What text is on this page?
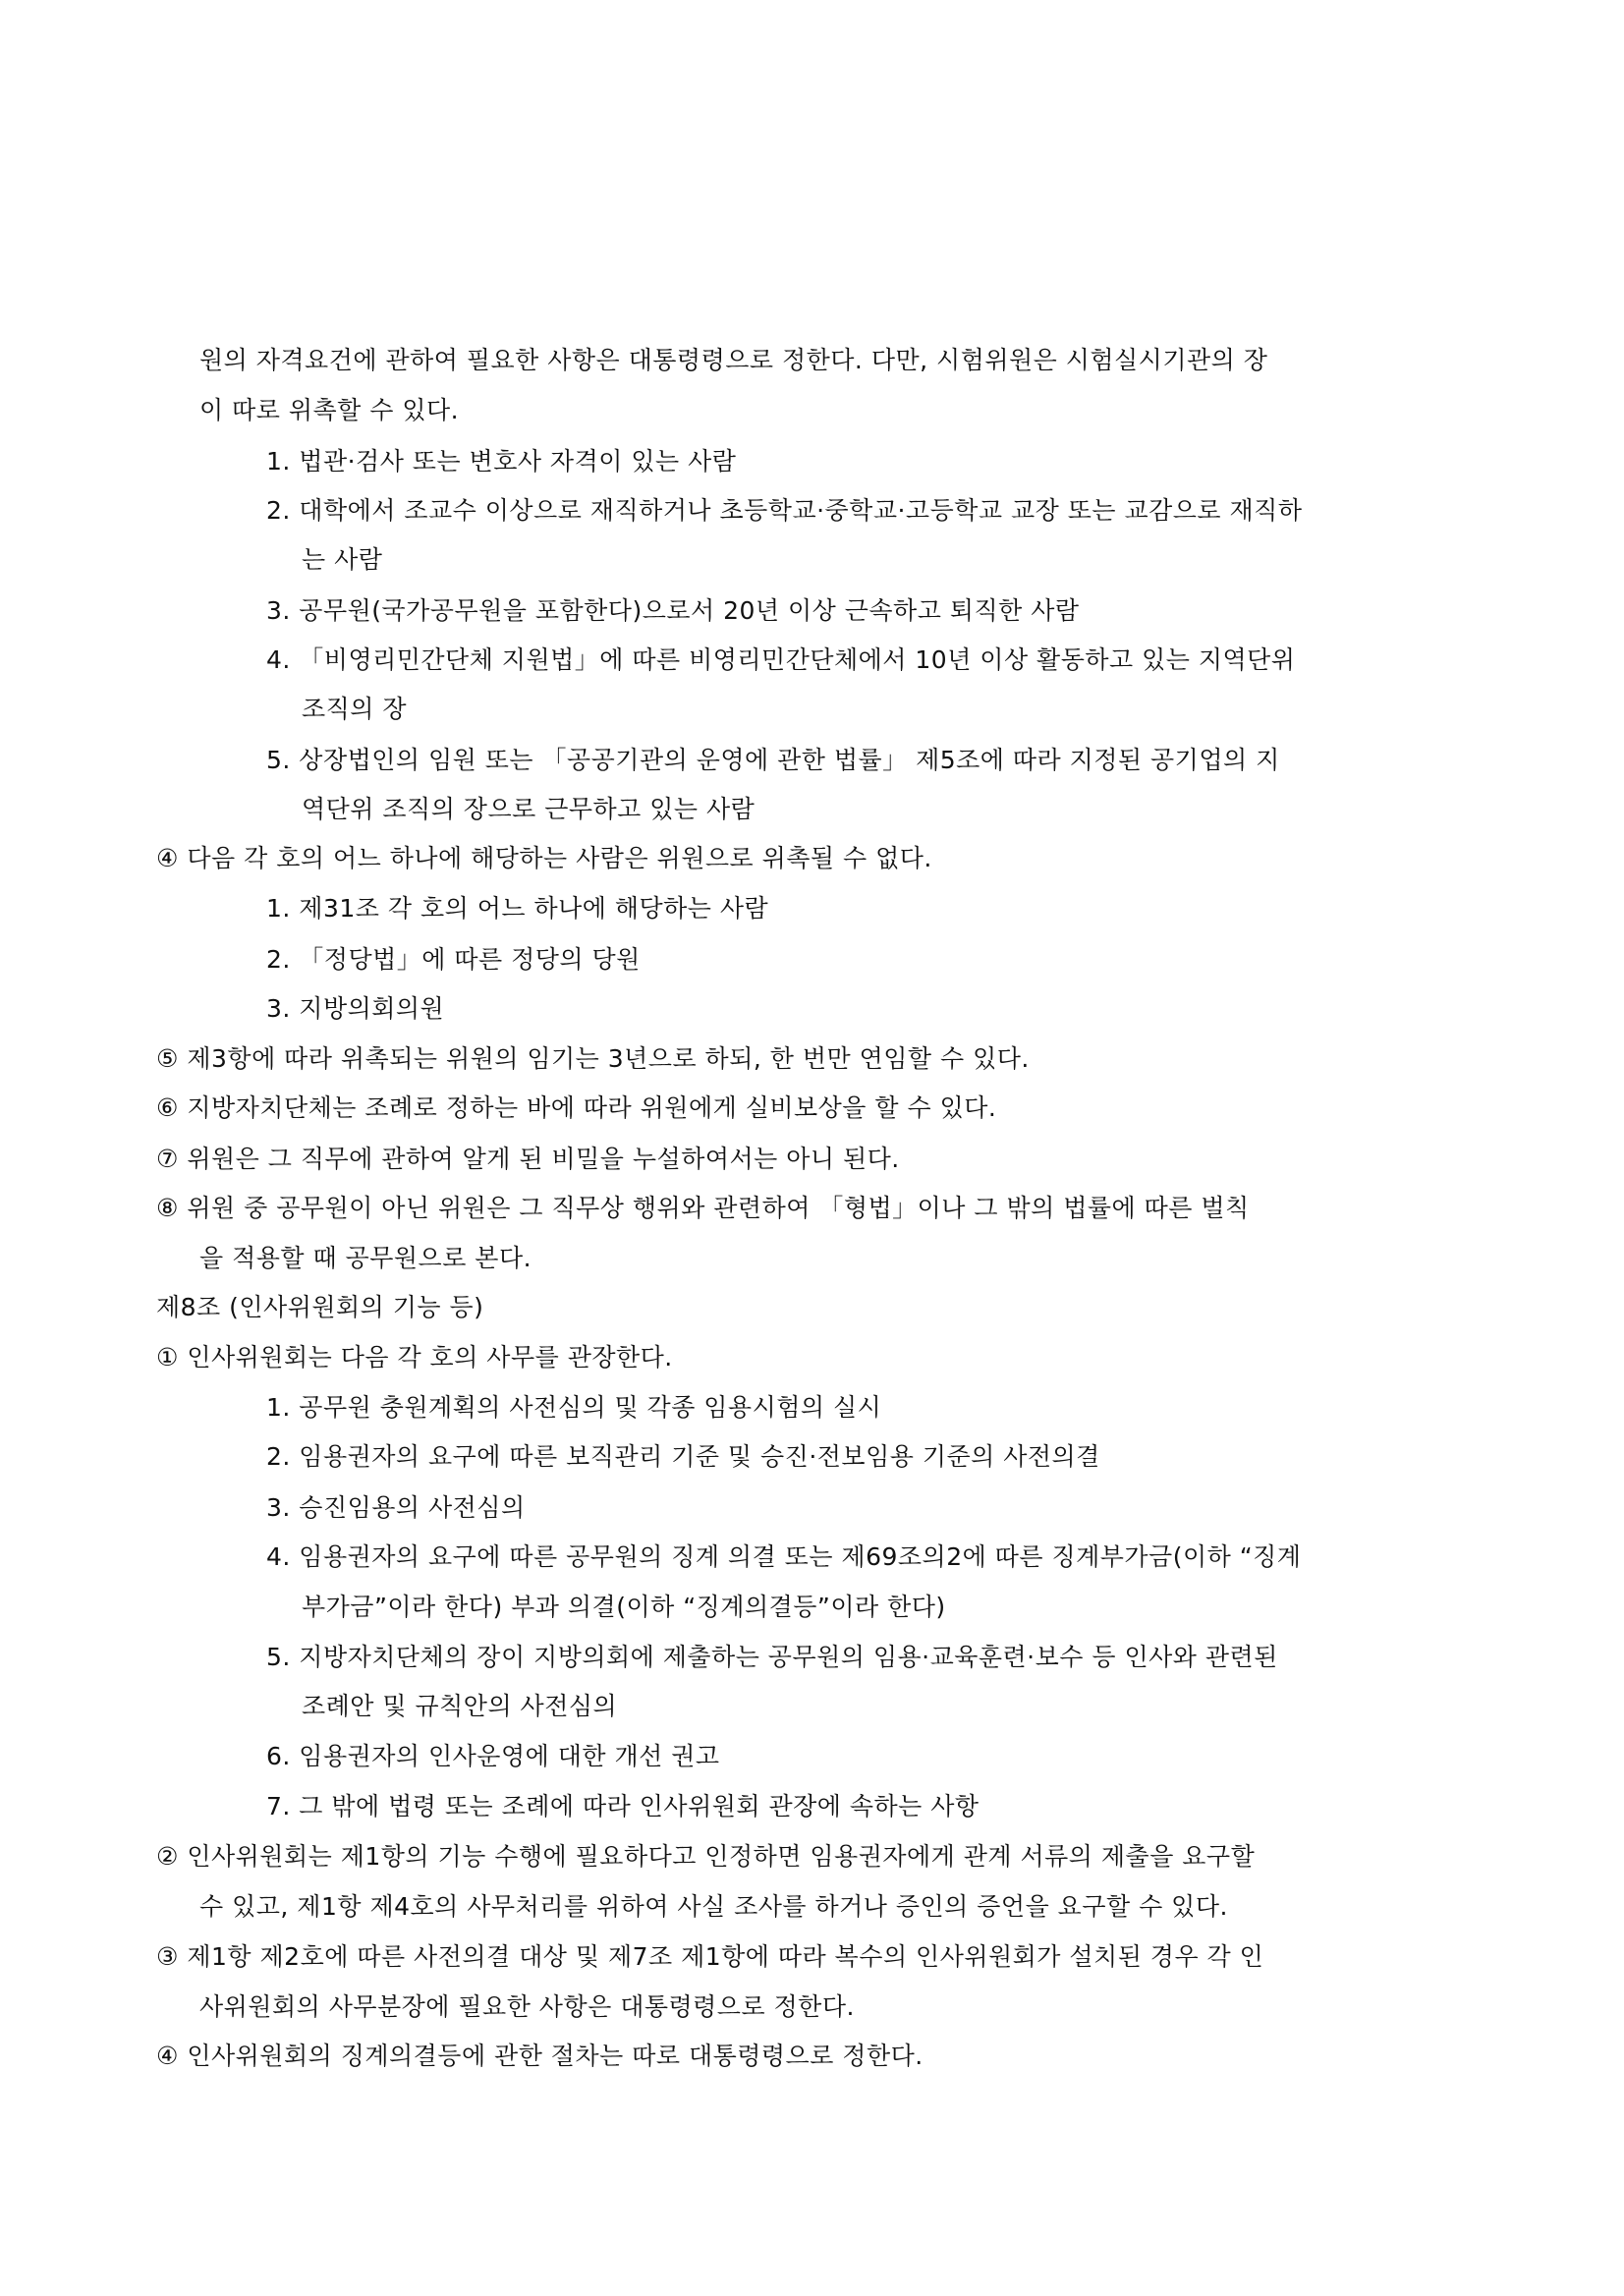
원의 자격요건에 관하여 필요한 사항은 대통령령으로 정한다. 다만, 시험위원은 시험실시기관의 장
이 따로 위촉할 수 있다.
1. 법관·검사 또는 변호사 자격이 있는 사람
2. 대학에서 조교수 이상으로 재직하거나 초등학교·중학교·고등학교 교장 또는 교감으로 재직하
는 사람
3. 공무원(국가공무원을 포함한다)으로서 20년 이상 근속하고 퇴직한 사람
4. 「비영리민간단체 지원법」에 따른 비영리민간단체에서 10년 이상 활동하고 있는 지역단위
조직의 장
5. 상장법인의 임원 또는 「공공기관의 운영에 관한 법률」 제5조에 따라 지정된 공기업의 지
역단위 조직의 장으로 근무하고 있는 사람
④ 다음 각 호의 어느 하나에 해당하는 사람은 위원으로 위촉될 수 없다.
1. 제31조 각 호의 어느 하나에 해당하는 사람
2. 「정당법」에 따른 정당의 당원
3. 지방의회의원
⑤ 제3항에 따라 위촉되는 위원의 임기는 3년으로 하되, 한 번만 연임할 수 있다.
⑥ 지방자치단체는 조례로 정하는 바에 따라 위원에게 실비보상을 할 수 있다.
⑦ 위원은 그 직무에 관하여 알게 된 비밀을 누설하여서는 아니 된다.
⑧ 위원 중 공무원이 아닌 위원은 그 직무상 행위와 관련하여 「형법」이나 그 밖의 법률에 따른 벌칙
을 적용할 때 공무원으로 본다.
제8조 (인사위원회의 기능 등)
① 인사위원회는 다음 각 호의 사무를 관장한다.
1. 공무원 충원계획의 사전심의 및 각종 임용시험의 실시
2. 임용권자의 요구에 따른 보직관리 기준 및 승진·전보임용 기준의 사전의결
3. 승진임용의 사전심의
4. 임용권자의 요구에 따른 공무원의 징계 의결 또는 제69조의2에 따른 징계부가금(이하 “징계
부가금”이라 한다) 부과 의결(이하 “징계의결등”이라 한다)
5. 지방자치단체의 장이 지방의회에 제출하는 공무원의 임용·교육훈련·보수 등 인사와 관련된
조례안 및 규칙안의 사전심의
6. 임용권자의 인사운영에 대한 개선 권고
7. 그 밖에 법령 또는 조례에 따라 인사위원회 관장에 속하는 사항
② 인사위원회는 제1항의 기능 수행에 필요하다고 인정하면 임용권자에게 관계 서류의 제출을 요구할
수 있고, 제1항 제4호의 사무처리를 위하여 사실 조사를 하거나 증인의 증언을 요구할 수 있다.
③ 제1항 제2호에 따른 사전의결 대상 및 제7조 제1항에 따라 복수의 인사위원회가 설치된 경우 각 인
사위원회의 사무분장에 필요한 사항은 대통령령으로 정한다.
④ 인사위원회의 징계의결등에 관한 절차는 따로 대통령령으로 정한다.
